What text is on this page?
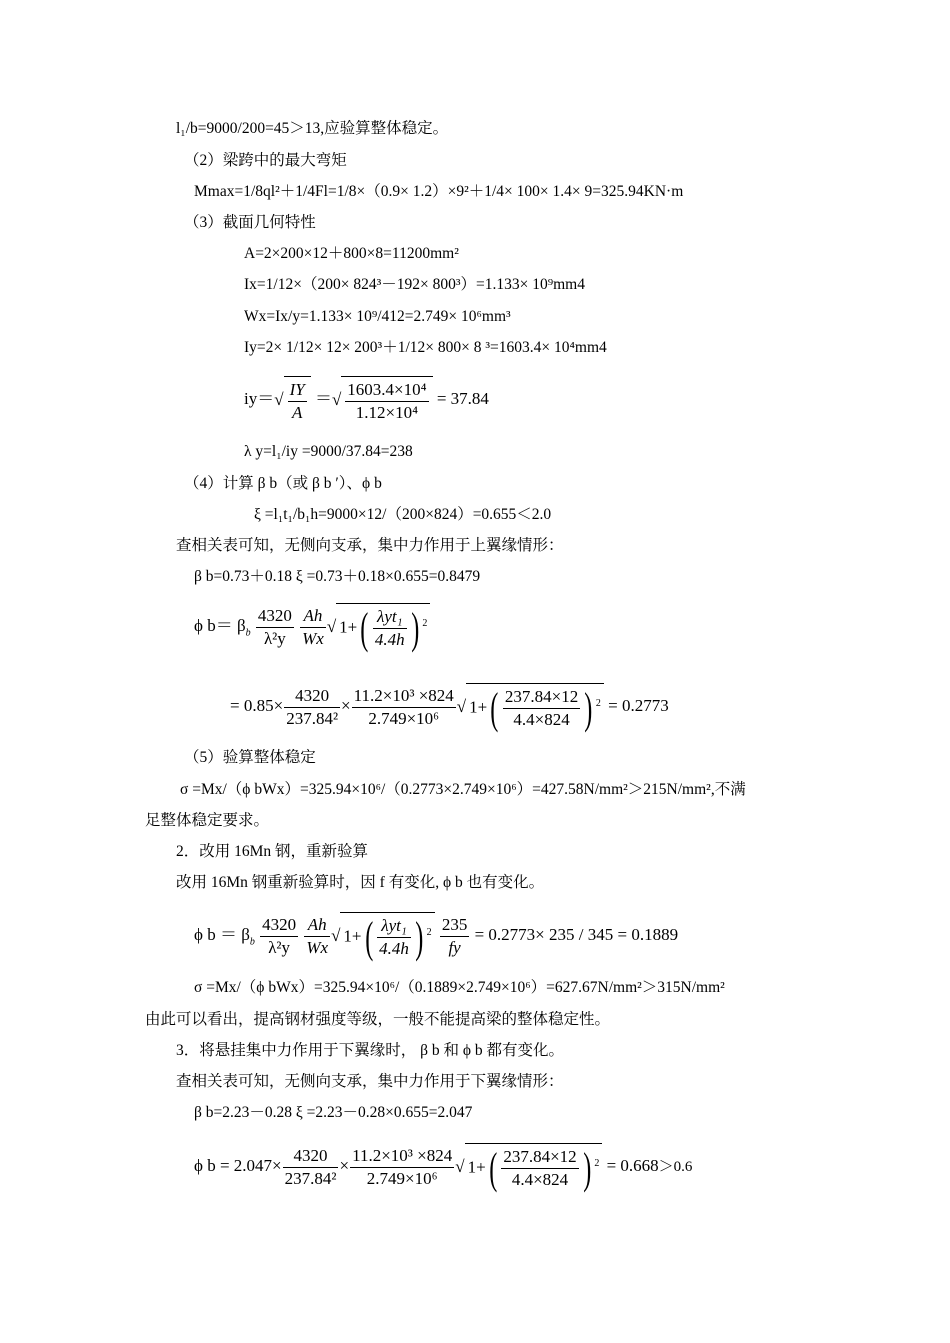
l₁/b=9000/200=45＞13,应验算整体稳定。
（2）梁跨中的最大弯矩
Mmax=1/8ql²＋1/4Fl=1/8×（0.9× 1.2）×9²＋1/4× 100× 1.4× 9=325.94KN·m
（3）截面几何特性
A=2×200×12＋800×8=11200mm²
Ix=1/12×（200× 824³－192× 800³）=1.133× 10⁹mm4
Wx=Ix/y=1.133× 10⁹/412=2.749× 10⁶mm³
Iy=2× 1/12× 12× 200³＋1/12× 800× 8 ³=1603.4× 10⁴mm4
$iy=√ \frac{IY}{A}$ ＝√ $\frac{\text{1603.4×10⁴}}{\text{1.12×10⁴}} = 37.84$
λ y=l₁/iy =9000/37.84=238
（4）计算 β b（或 β b ′）、ϕ b
ξ =l₁t₁/b₁h=9000×12/（200×824）=0.655＜2.0
查相关表可知，无侧向支承，集中力作用于上翼缘情形：
β b=0.73＋0.18 ξ =0.73＋0.18×0.655=0.8479
ϕ $b= \beta_b \frac{4320}{\text{λ²y}}$
$\frac{Ah}{Wx}$ √ 1+( λyt₁
4.4h ) $^2$
= $0.85\times \frac{4320}{\text{237.84²}} \times \frac{\text{11.2×10³ ×824}}{\text{2.749×10⁶}}$ √ $1+( \frac{237.84\times 12}{4.4\times 824}$ ) $^2$ = 0.2773
（5）验算整体稳定
σ =Mx/（ϕ bWx）=325.94×10⁶/（0.2773×2.749×10⁶）=427.58N/mm²＞215N/mm²,不满
足整体稳定要求。
2．改用 16Mn 钢，重新验算
改用 16Mn 钢重新验算时，因 f 有变化, ϕ b 也有变化。
ϕ $b = \beta_b \frac{4320}{\text{λ²y}}$
$\frac{Ah}{Wx}$ √ 1+( λyt₁
4.4h ) $^2 \frac{235}{fy} = 0.2773\times 235 / 345 = 0.1889$
σ =Mx/（ϕ bWx）=325.94×10⁶/（0.1889×2.749×10⁶）=627.67N/mm²＞315N/mm²
由此可以看出，提高钢材强度等级，一般不能提高梁的整体稳定性。
3．将悬挂集中力作用于下翼缘时， β b 和 ϕ b 都有变化。
查相关表可知，无侧向支承，集中力作用于下翼缘情形：
β b=2.23－0.28 ξ =2.23－0.28×0.655=2.047
ϕ $b = 2.047\times \frac{4320}{\text{237.84²}} \times \frac{\text{11.2×10³ ×824}}{\text{2.749×10⁶}}$ √ $1+( \frac{237.84\times 12}{4.4\times 824}$ ) $^2$ = 0.668＞0.6
